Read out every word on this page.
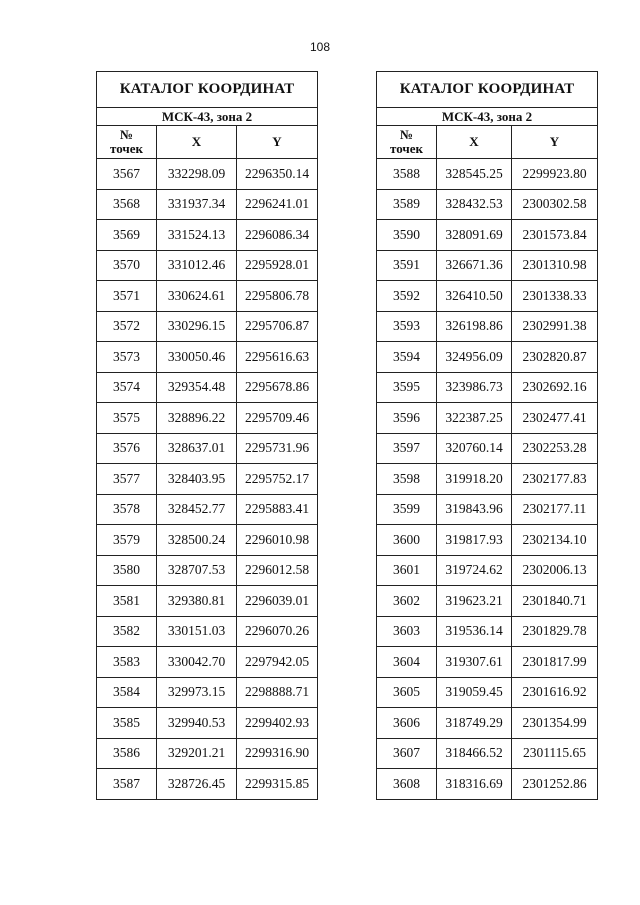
108
КАТАЛОГ КООРДИНАТ		
МСК-43, зона 2		
№
точек	X	Y
3567	332298.09	2296350.14
3568	331937.34	2296241.01
3569	331524.13	2296086.34
3570	331012.46	2295928.01
3571	330624.61	2295806.78
3572	330296.15	2295706.87
3573	330050.46	2295616.63
3574	329354.48	2295678.86
3575	328896.22	2295709.46
3576	328637.01	2295731.96
3577	328403.95	2295752.17
3578	328452.77	2295883.41
3579	328500.24	2296010.98
3580	328707.53	2296012.58
3581	329380.81	2296039.01
3582	330151.03	2296070.26
3583	330042.70	2297942.05
3584	329973.15	2298888.71
3585	329940.53	2299402.93
3586	329201.21	2299316.90
3587	328726.45	2299315.85
КАТАЛОГ КООРДИНАТ		
МСК-43, зона 2		
№
точек	X	Y
3588	328545.25	2299923.80
3589	328432.53	2300302.58
3590	328091.69	2301573.84
3591	326671.36	2301310.98
3592	326410.50	2301338.33
3593	326198.86	2302991.38
3594	324956.09	2302820.87
3595	323986.73	2302692.16
3596	322387.25	2302477.41
3597	320760.14	2302253.28
3598	319918.20	2302177.83
3599	319843.96	2302177.11
3600	319817.93	2302134.10
3601	319724.62	2302006.13
3602	319623.21	2301840.71
3603	319536.14	2301829.78
3604	319307.61	2301817.99
3605	319059.45	2301616.92
3606	318749.29	2301354.99
3607	318466.52	2301115.65
3608	318316.69	2301252.86
